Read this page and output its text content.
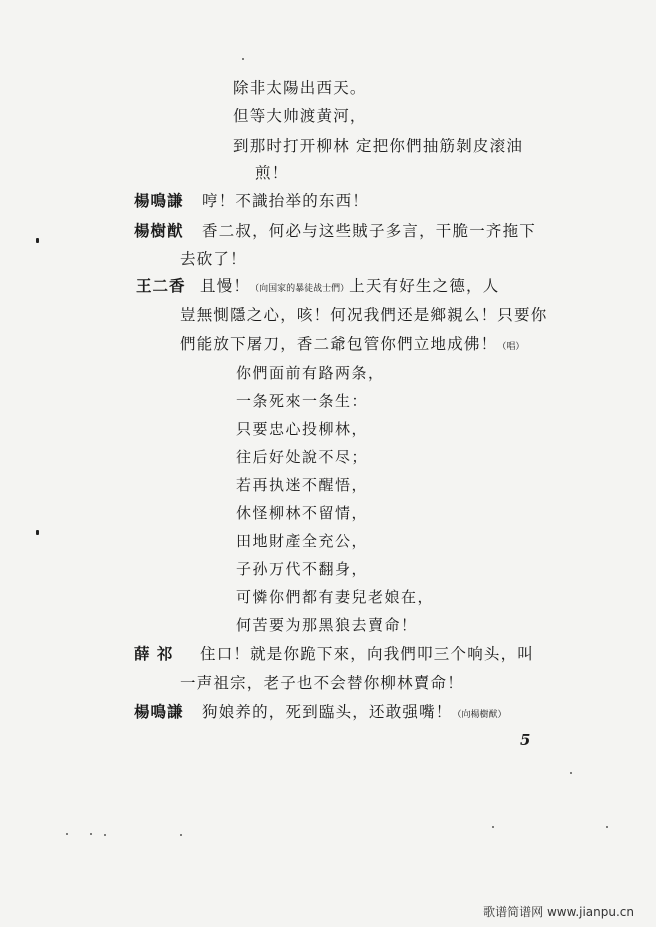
除非太陽出西天。
但等大帅渡黄河，
到那时打开柳林 定把你們抽筋剝皮滚油
煎！
楊鳴謙 哼！不識抬举的东西！
楊樹猷 香二叔，何必与这些賊子多言，干脆一齐拖下
去砍了！
王二香 且慢！（向国家的暴徒战士們）上天有好生之德，人
豈無惻隱之心，咳！何况我們还是鄉親么！只要你
們能放下屠刀，香二爺包管你們立地成佛！（唱）
你們面前有路两条，
一条死來一条生：
只要忠心投柳林，
往后好处說不尽；
若再执迷不醒悟，
休怪柳林不留情，
田地財產全充公，
子孙万代不翻身，
可憐你們都有妻兒老娘在，
何苦要为那黑狼去賣命！
薛 祁 住口！就是你跪下來，向我們叩三个响头，叫
一声祖宗，老子也不会替你柳林賣命！
楊鳴謙 狗娘养的，死到臨头，还敢强嘴！（向楊樹猷）
5
歌谱简谱网 www.jianpu.cn
